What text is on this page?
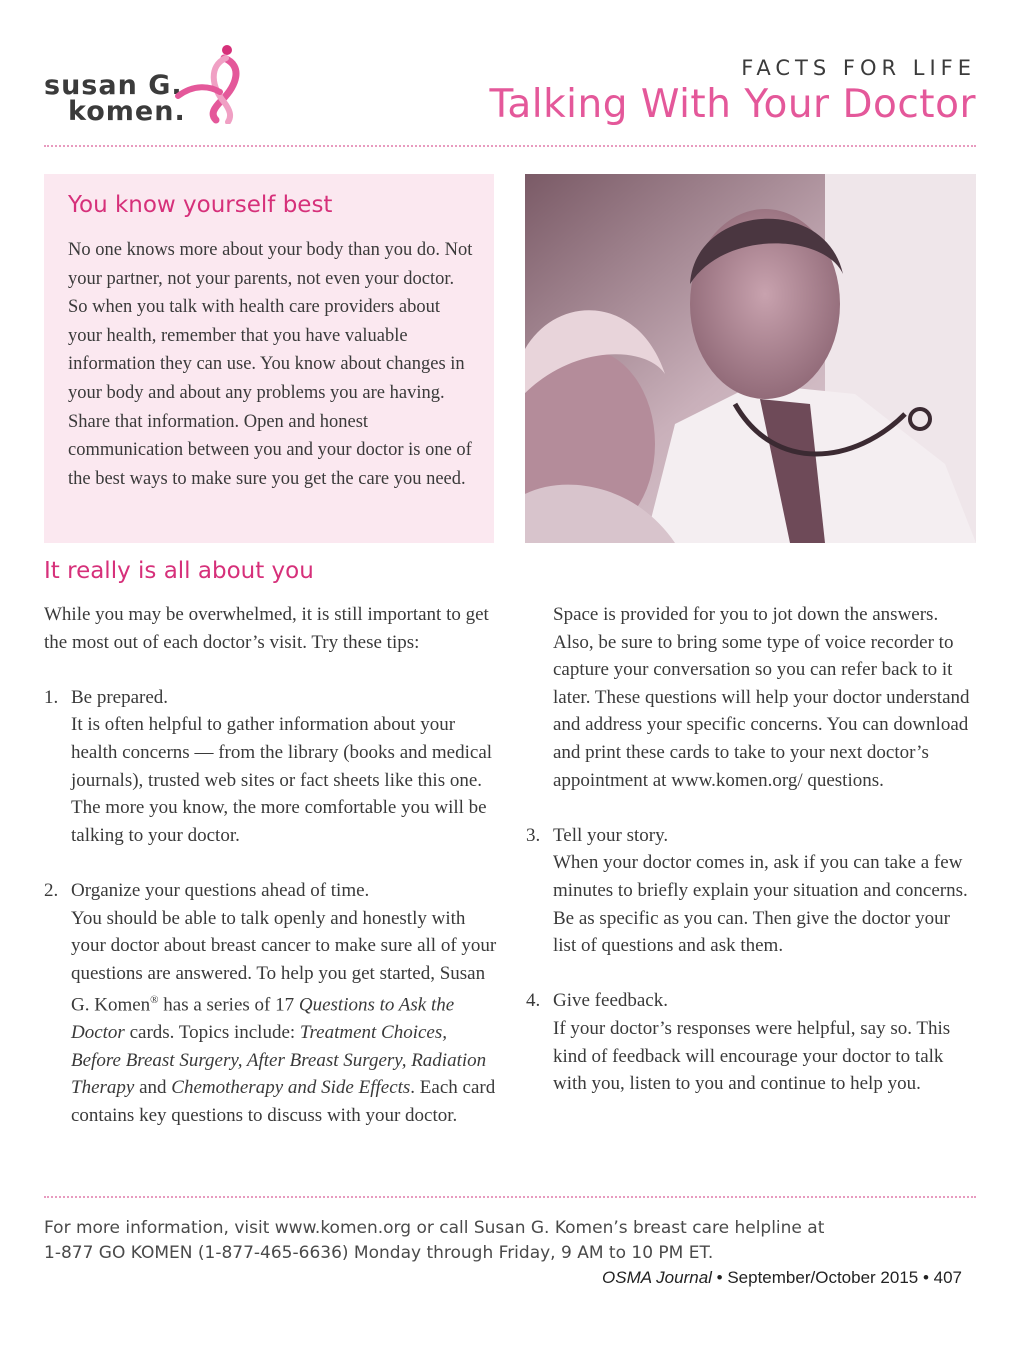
susan G.
komen.
FACTS FOR LIFE
Talking With Your Doctor
You know yourself best

No one knows more about your body than you do. Not your partner, not your parents, not even your doctor. So when you talk with health care providers about your health, remember that you have valuable information they can use. You know about changes in your body and about any problems you are having. Share that information. Open and honest communication between you and your doctor is one of the best ways to make sure you get the care you need.

It really is all about you

While you may be overwhelmed, it is still important to get the most out of each doctor’s visit. Try these tips:

1. Be prepared.

It is often helpful to gather information about your health concerns — from the library (books and medical journals), trusted web sites or fact sheets like this one. The more you know, the more comfortable you will be talking to your doctor.

2. Organize your questions ahead of time.

You should be able to talk openly and honestly with your doctor about breast cancer to make sure all of your questions are answered. To help you get started, Susan G. Komen® has a series of 17 Questions to Ask the Doctor cards. Topics include: Treatment Choices, Before Breast Surgery, After Breast Surgery, Radiation Therapy and Chemotherapy and Side Effects. Each card contains key questions to discuss with your doctor.

Space is provided for you to jot down the answers. Also, be sure to bring some type of voice recorder to capture your conversation so you can refer back to it later. These questions will help your doctor understand and address your specific concerns. You can download and print these cards to take to your next doctor’s appointment at www.komen.org/ questions.

3. Tell your story.

When your doctor comes in, ask if you can take a few minutes to briefly explain your situation and concerns. Be as specific as you can. Then give the doctor your list of questions and ask them.

4. Give feedback.

If your doctor’s responses were helpful, say so. This kind of feedback will encourage your doctor to talk with you, listen to you and continue to help you.

For more information, visit www.komen.org or call Susan G. Komen’s breast care helpline at
1-877 GO KOMEN (1-877-465-6636) Monday through Friday, 9 AM to 10 PM ET.
OSMA Journal • September/October 2015 • 407
